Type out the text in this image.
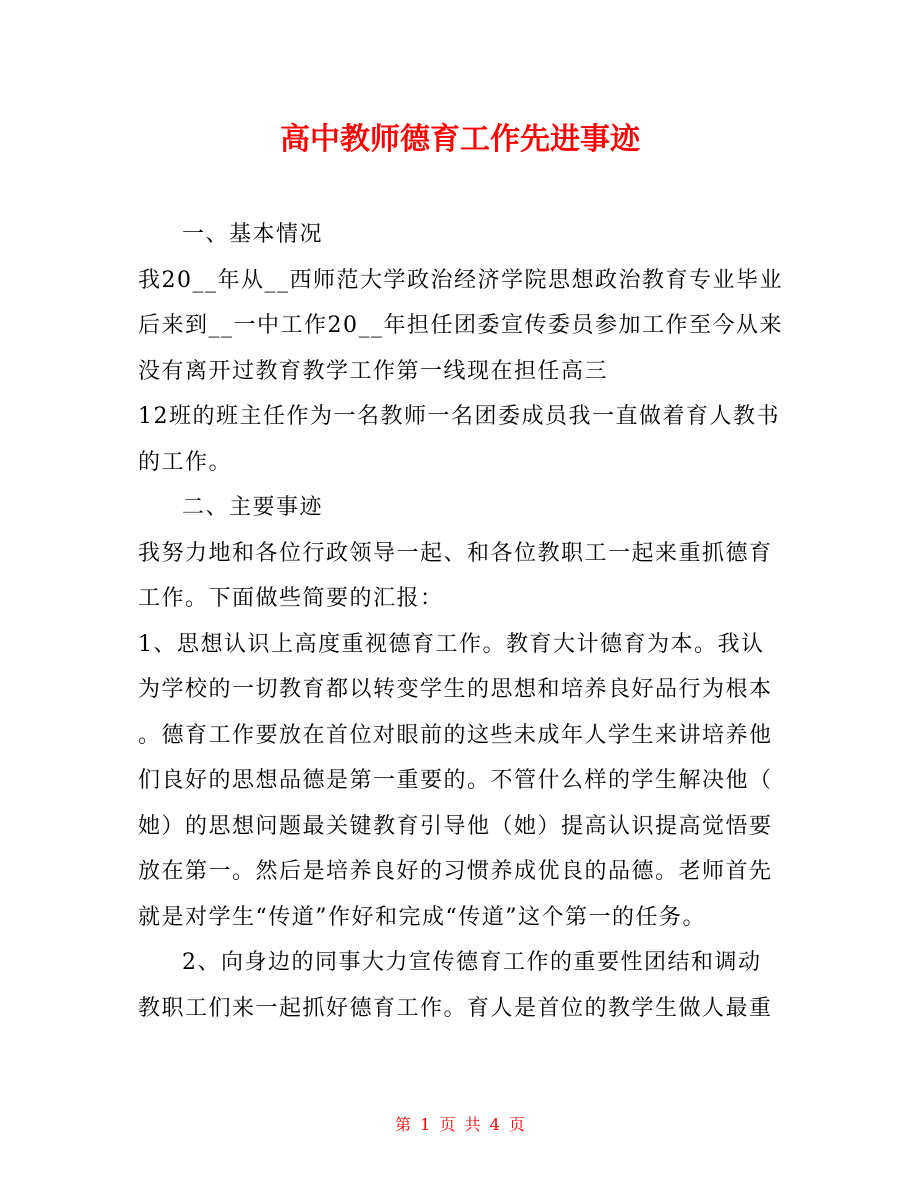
高中教师德育工作先进事迹
一、基本情况
我20__年从__西师范大学政治经济学院思想政治教育专业毕业
后来到__一中工作20__年担任团委宣传委员参加工作至今从来
没有离开过教育教学工作第一线现在担任高三
12班的班主任作为一名教师一名团委成员我一直做着育人教书
的工作。
二、主要事迹
我努力地和各位行政领导一起、和各位教职工一起来重抓德育
工作。下面做些简要的汇报：
1、思想认识上高度重视德育工作。教育大计德育为本。我认
为学校的一切教育都以转变学生的思想和培养良好品行为根本
。德育工作要放在首位对眼前的这些未成年人学生来讲培养他
们良好的思想品德是第一重要的。不管什么样的学生解决他（
她）的思想问题最关键教育引导他（她）提高认识提高觉悟要
放在第一。然后是培养良好的习惯养成优良的品德。老师首先
就是对学生“传道”作好和完成“传道”这个第一的任务。
2、向身边的同事大力宣传德育工作的重要性团结和调动
教职工们来一起抓好德育工作。育人是首位的教学生做人最重
第 1 页 共 4 页
